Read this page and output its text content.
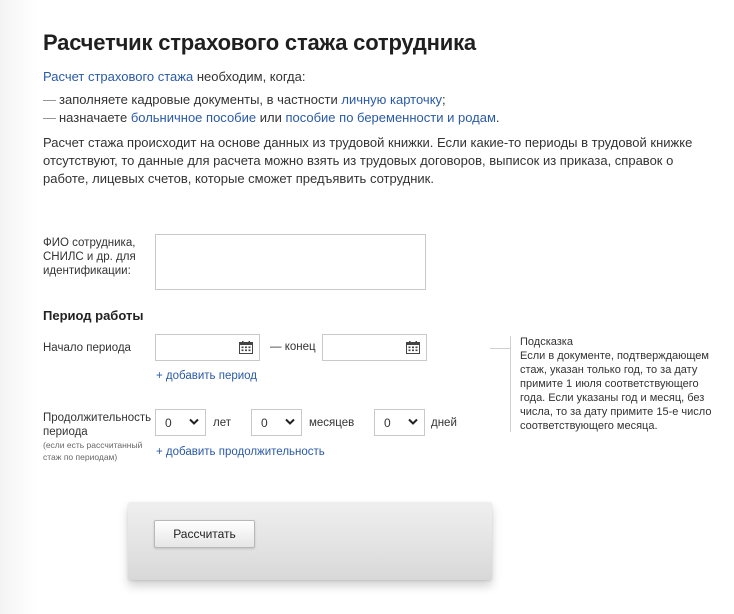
Расчетчик страхового стажа сотрудника
Расчет страхового стажа необходим, когда:
— заполняете кадровые документы, в частности личную карточку;
— назначаете больничное пособие или пособие по беременности и родам.

Расчет стажа происходит на основе данных из трудовой книжки. Если какие-то периоды в трудовой книжке отсутствуют, то данные для расчета можно взять из трудовых договоров, выписок из приказа, справок о работе, лицевых счетов, которые сможет предъявить сотрудник.

ФИО сотрудника,
СНИЛС и др. для
идентификации:
Период работы
Начало периода	— конец
+ добавить период
Подсказка
Если в документе, подтверждающем стаж, указан только год, то за дату примите 1 июля соответствующего года. Если указаны год и месяц, без числа, то за дату примите 15-е число соответствующего месяца.
Продолжительность
периода
(если есть рассчитанный
стаж по периодам)
0	лет	0	месяцев 0	дней
+ добавить продолжительность
Рассчитать
